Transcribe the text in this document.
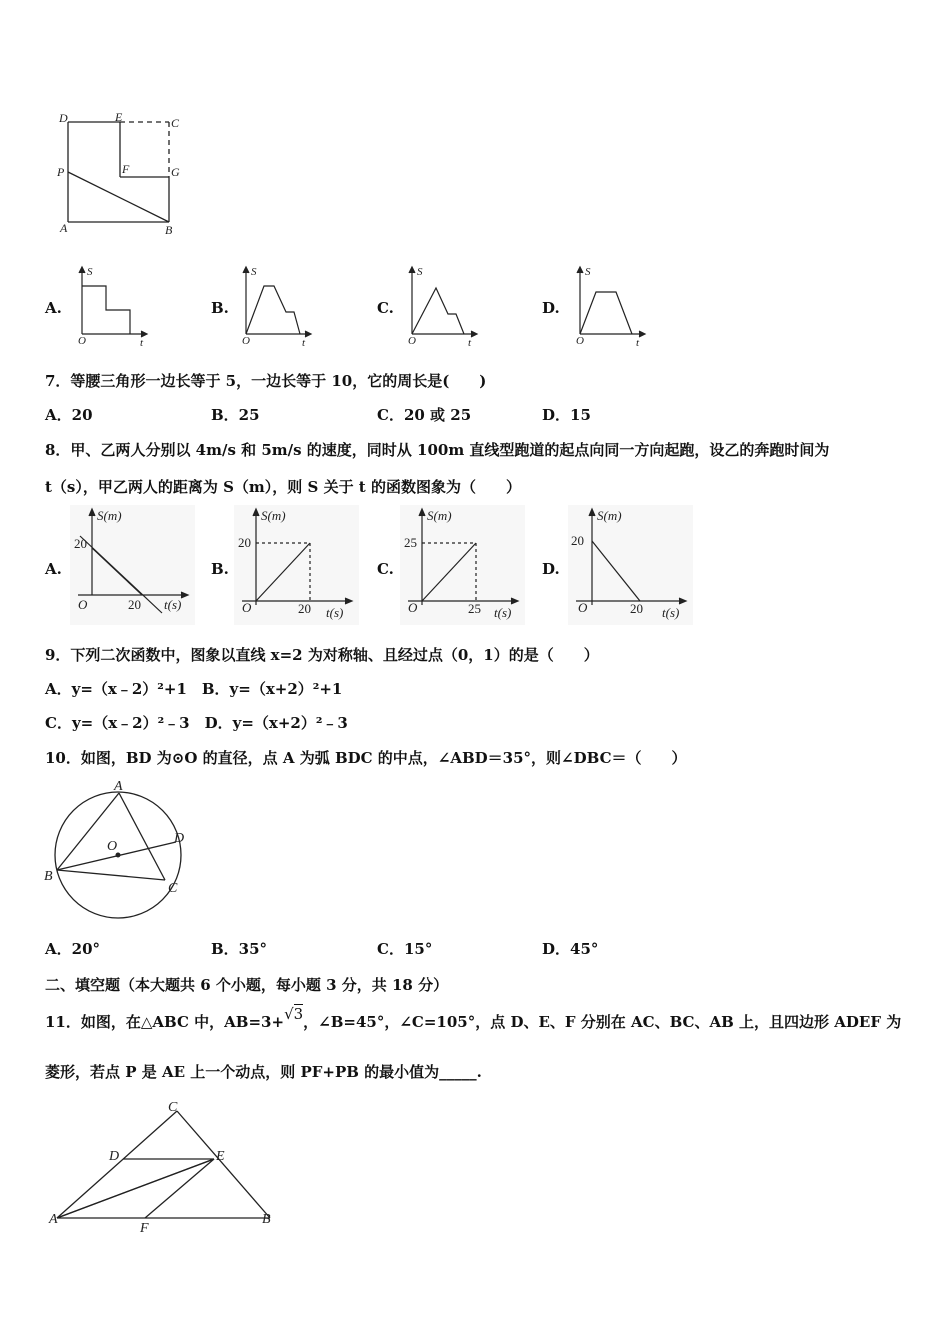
D	E	C
P	F	G
A	B
A.
S
t
O
B.
S
t
O
C.
S
t
O
D.
S
t
O
7．等腰三角形一边长等于 5，一边长等于 10，它的周长是(　　)
A．20	B．25	C．20 或 25	D．15
8．甲、乙两人分别以 4m/s 和 5m/s 的速度，同时从 100m 直线型跑道的起点向同一方向起跑，设乙的奔跑时间为
t（s），甲乙两人的距离为 S（m），则 S 关于 t 的函数图象为（　　）
A.
S(m)
20
O	20 t(s)
B.
S(m)
20
O	20 t(s)
C.
S(m)
25
O	25 t(s)
D.
S(m)
20
O	20 t(s)
9．下列二次函数中，图象以直线 x=2 为对称轴、且经过点（0，1）的是（　　）
A．y=（x﹣2）²+1　B．y=（x+2）²+1
C．y=（x﹣2）²﹣3　D．y=（x+2）²﹣3
10．如图，BD 为⊙O 的直径，点 A 为弧 BDC 的中点，∠ABD＝35°，则∠DBC＝（　　）
A
B
C
D
O
A．20°	B．35°	C．15°	D．45°
二、填空题（本大题共 6 个小题，每小题 3 分，共 18 分）
11．如图，在△ABC 中，AB=3+√3，∠B=45°，∠C=105°，点 D、E、F 分别在 AC、BC、AB 上，且四边形 ADEF 为
菱形，若点 P 是 AE 上一个动点，则 PF+PB 的最小值为_____.
C
D	E
A
F
B
